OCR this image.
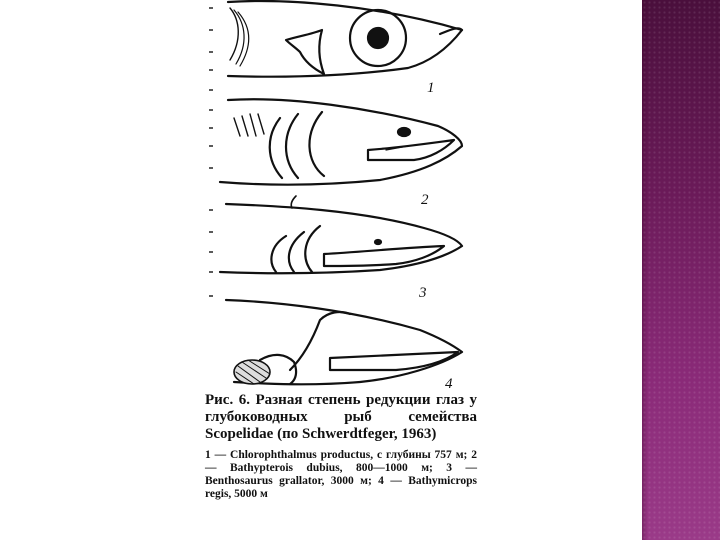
1
2
3
4

Рис. 6. Разная степень редукции глаз у глубоководных рыб семейства Scopelidae (по Schwerdtfeger, 1963)

1 — Chlorophthalmus productus, с глубины 757 м; 2 — Bathypterois dubius, 800—1000 м; 3 — Benthosaurus grallator, 3000 м; 4 — Bathymicrops regis, 5000 м
